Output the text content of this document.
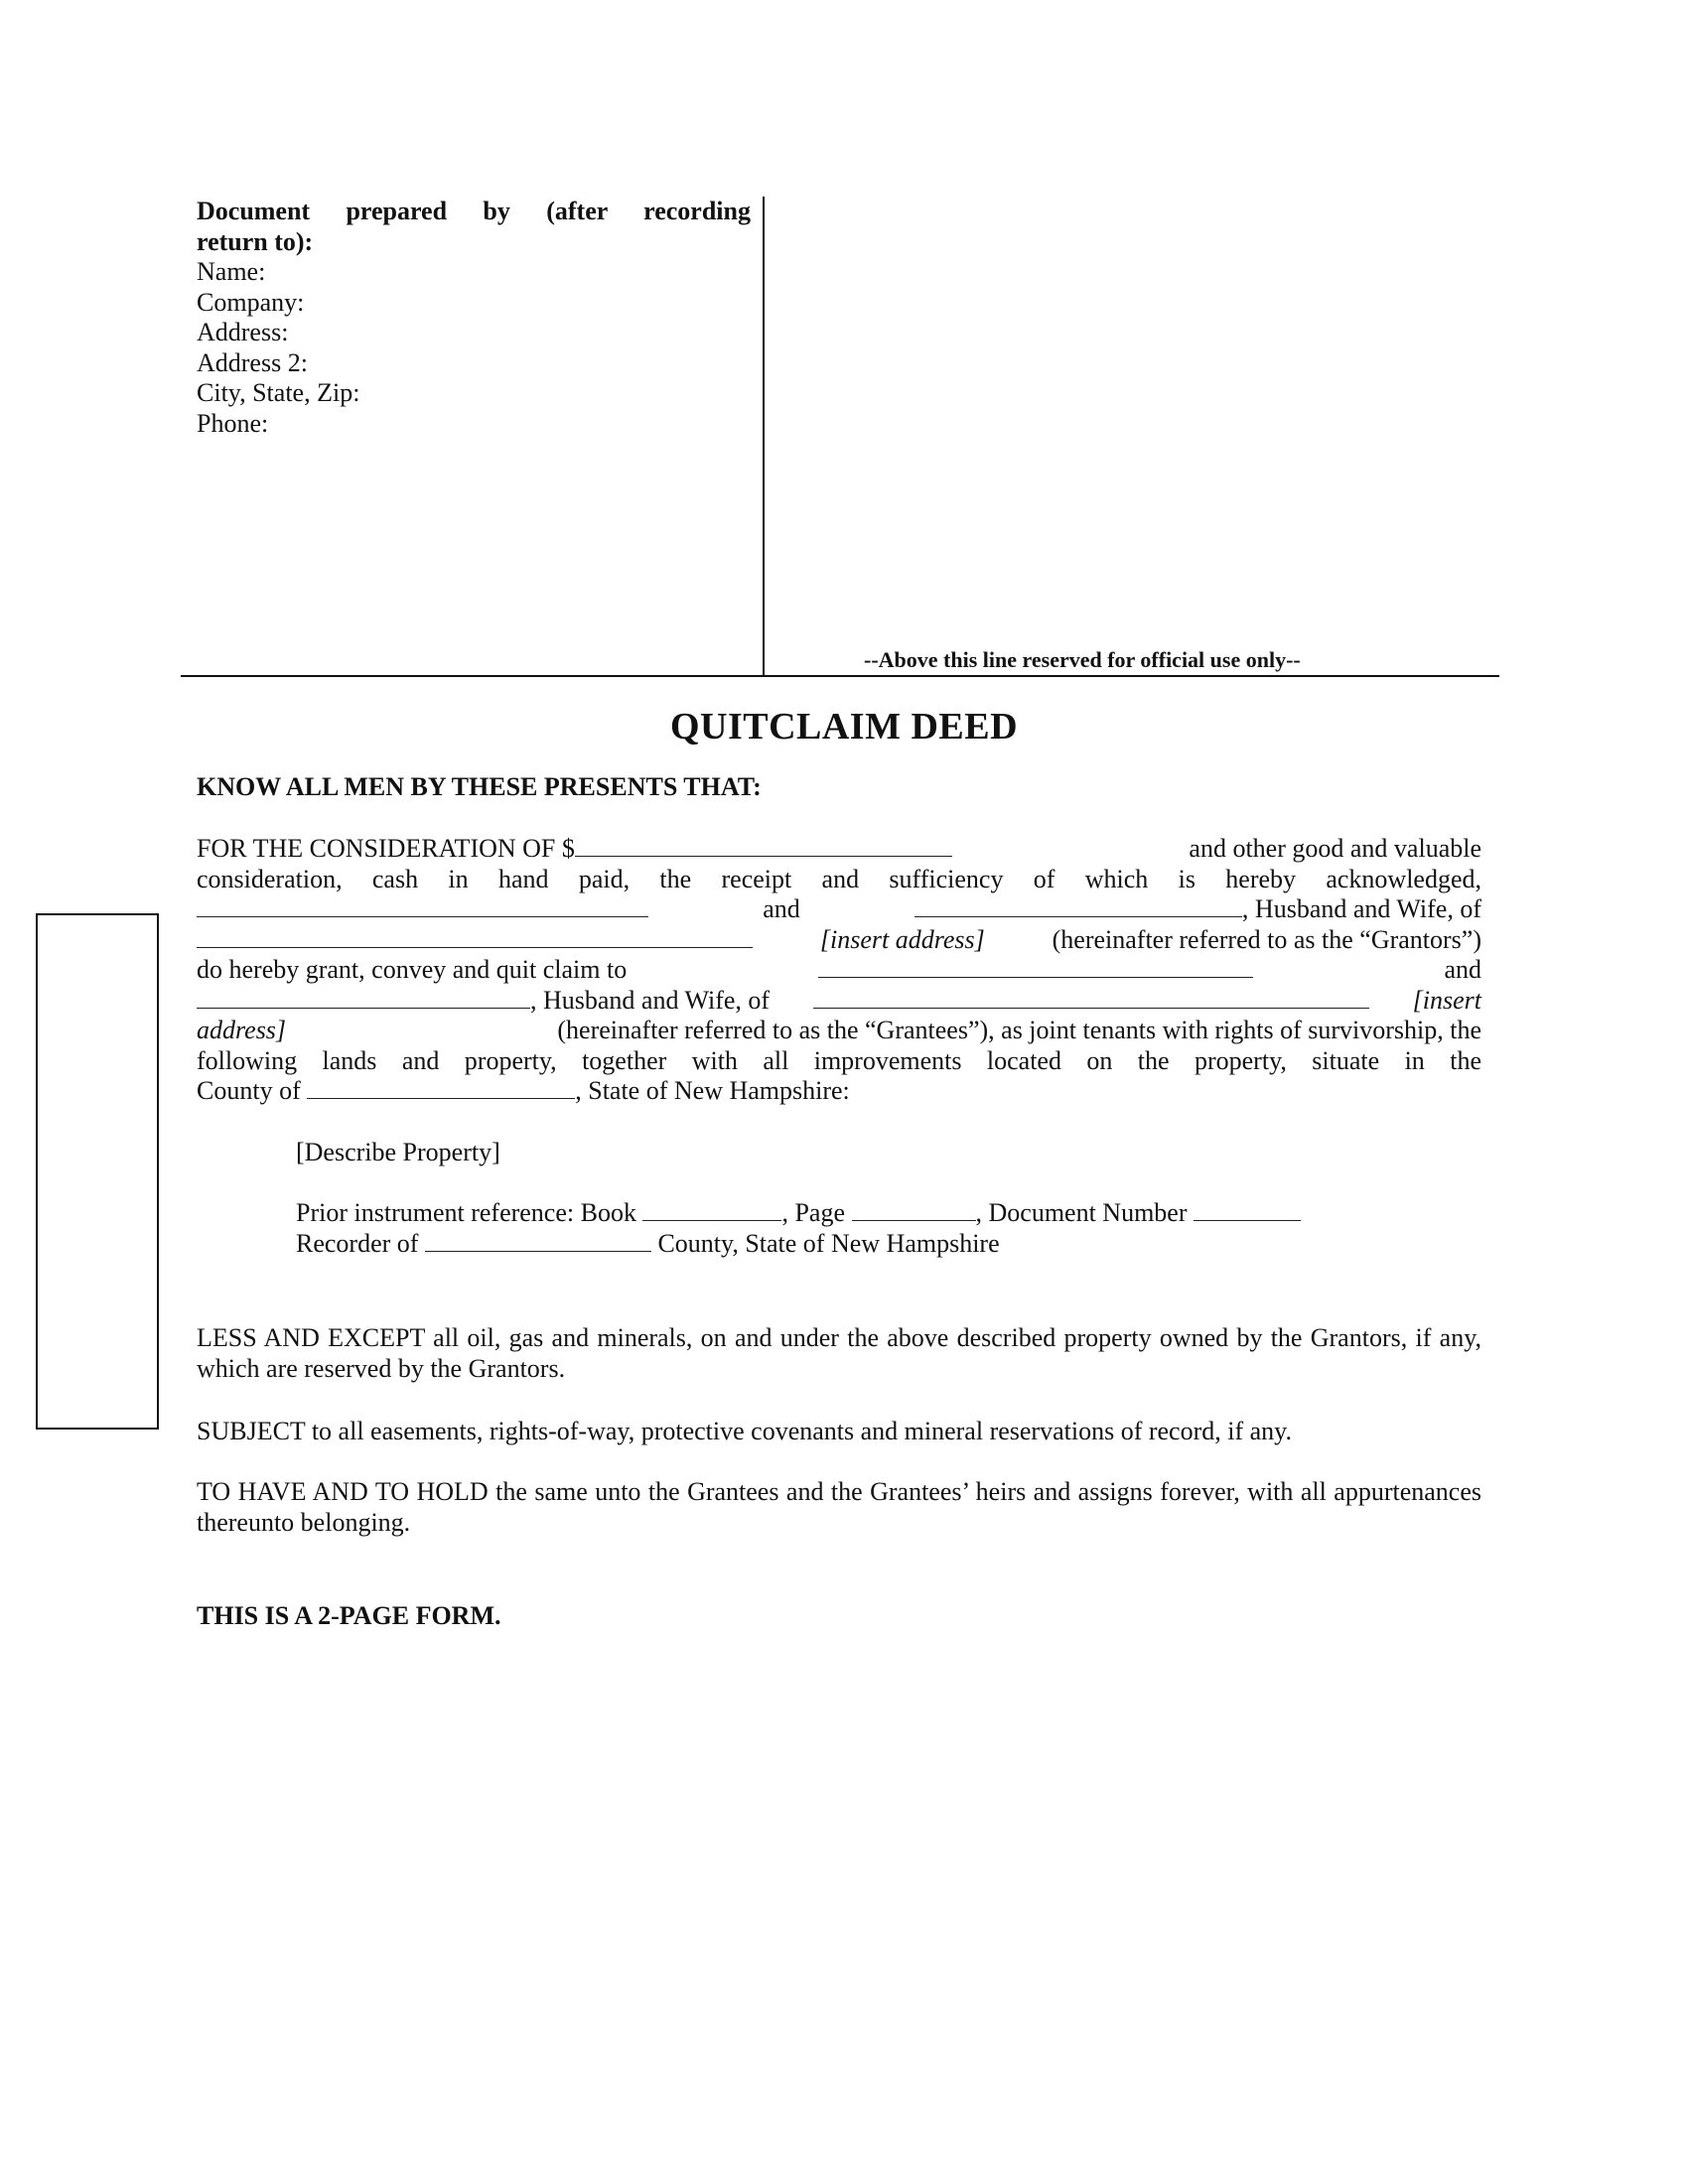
Document prepared by (after recording
return to):
Name:
Company:
Address:
Address 2:
City, State, Zip:
Phone:
--Above this line reserved for official use only--
QUITCLAIM DEED
KNOW ALL MEN BY THESE PRESENTS THAT:
FOR THE CONSIDERATION OF $	and other good and valuable
consideration, cash in hand paid, the receipt and sufficiency of which is hereby acknowledged,
and	, Husband and Wife, of
[insert address]	(hereinafter referred to as the “Grantors”)
do hereby grant, convey and quit claim to	and
, Husband and Wife, of	[insert
address]	(hereinafter referred to as the “Grantees”), as joint tenants with rights of survivorship, the
following lands and property, together with all improvements located on the property, situate in the
County of	, State of New Hampshire:
[Describe Property]
Prior instrument reference: Book	, Page	, Document Number
Recorder of	County, State of New Hampshire
LESS AND EXCEPT all oil, gas and minerals, on and under the above described property owned by the Grantors, if any, which are reserved by the Grantors.
SUBJECT to all easements, rights-of-way, protective covenants and mineral reservations of record, if any.
TO HAVE AND TO HOLD the same unto the Grantees and the Grantees’ heirs and assigns forever, with all appurtenances thereunto belonging.
THIS IS A 2-PAGE FORM.
